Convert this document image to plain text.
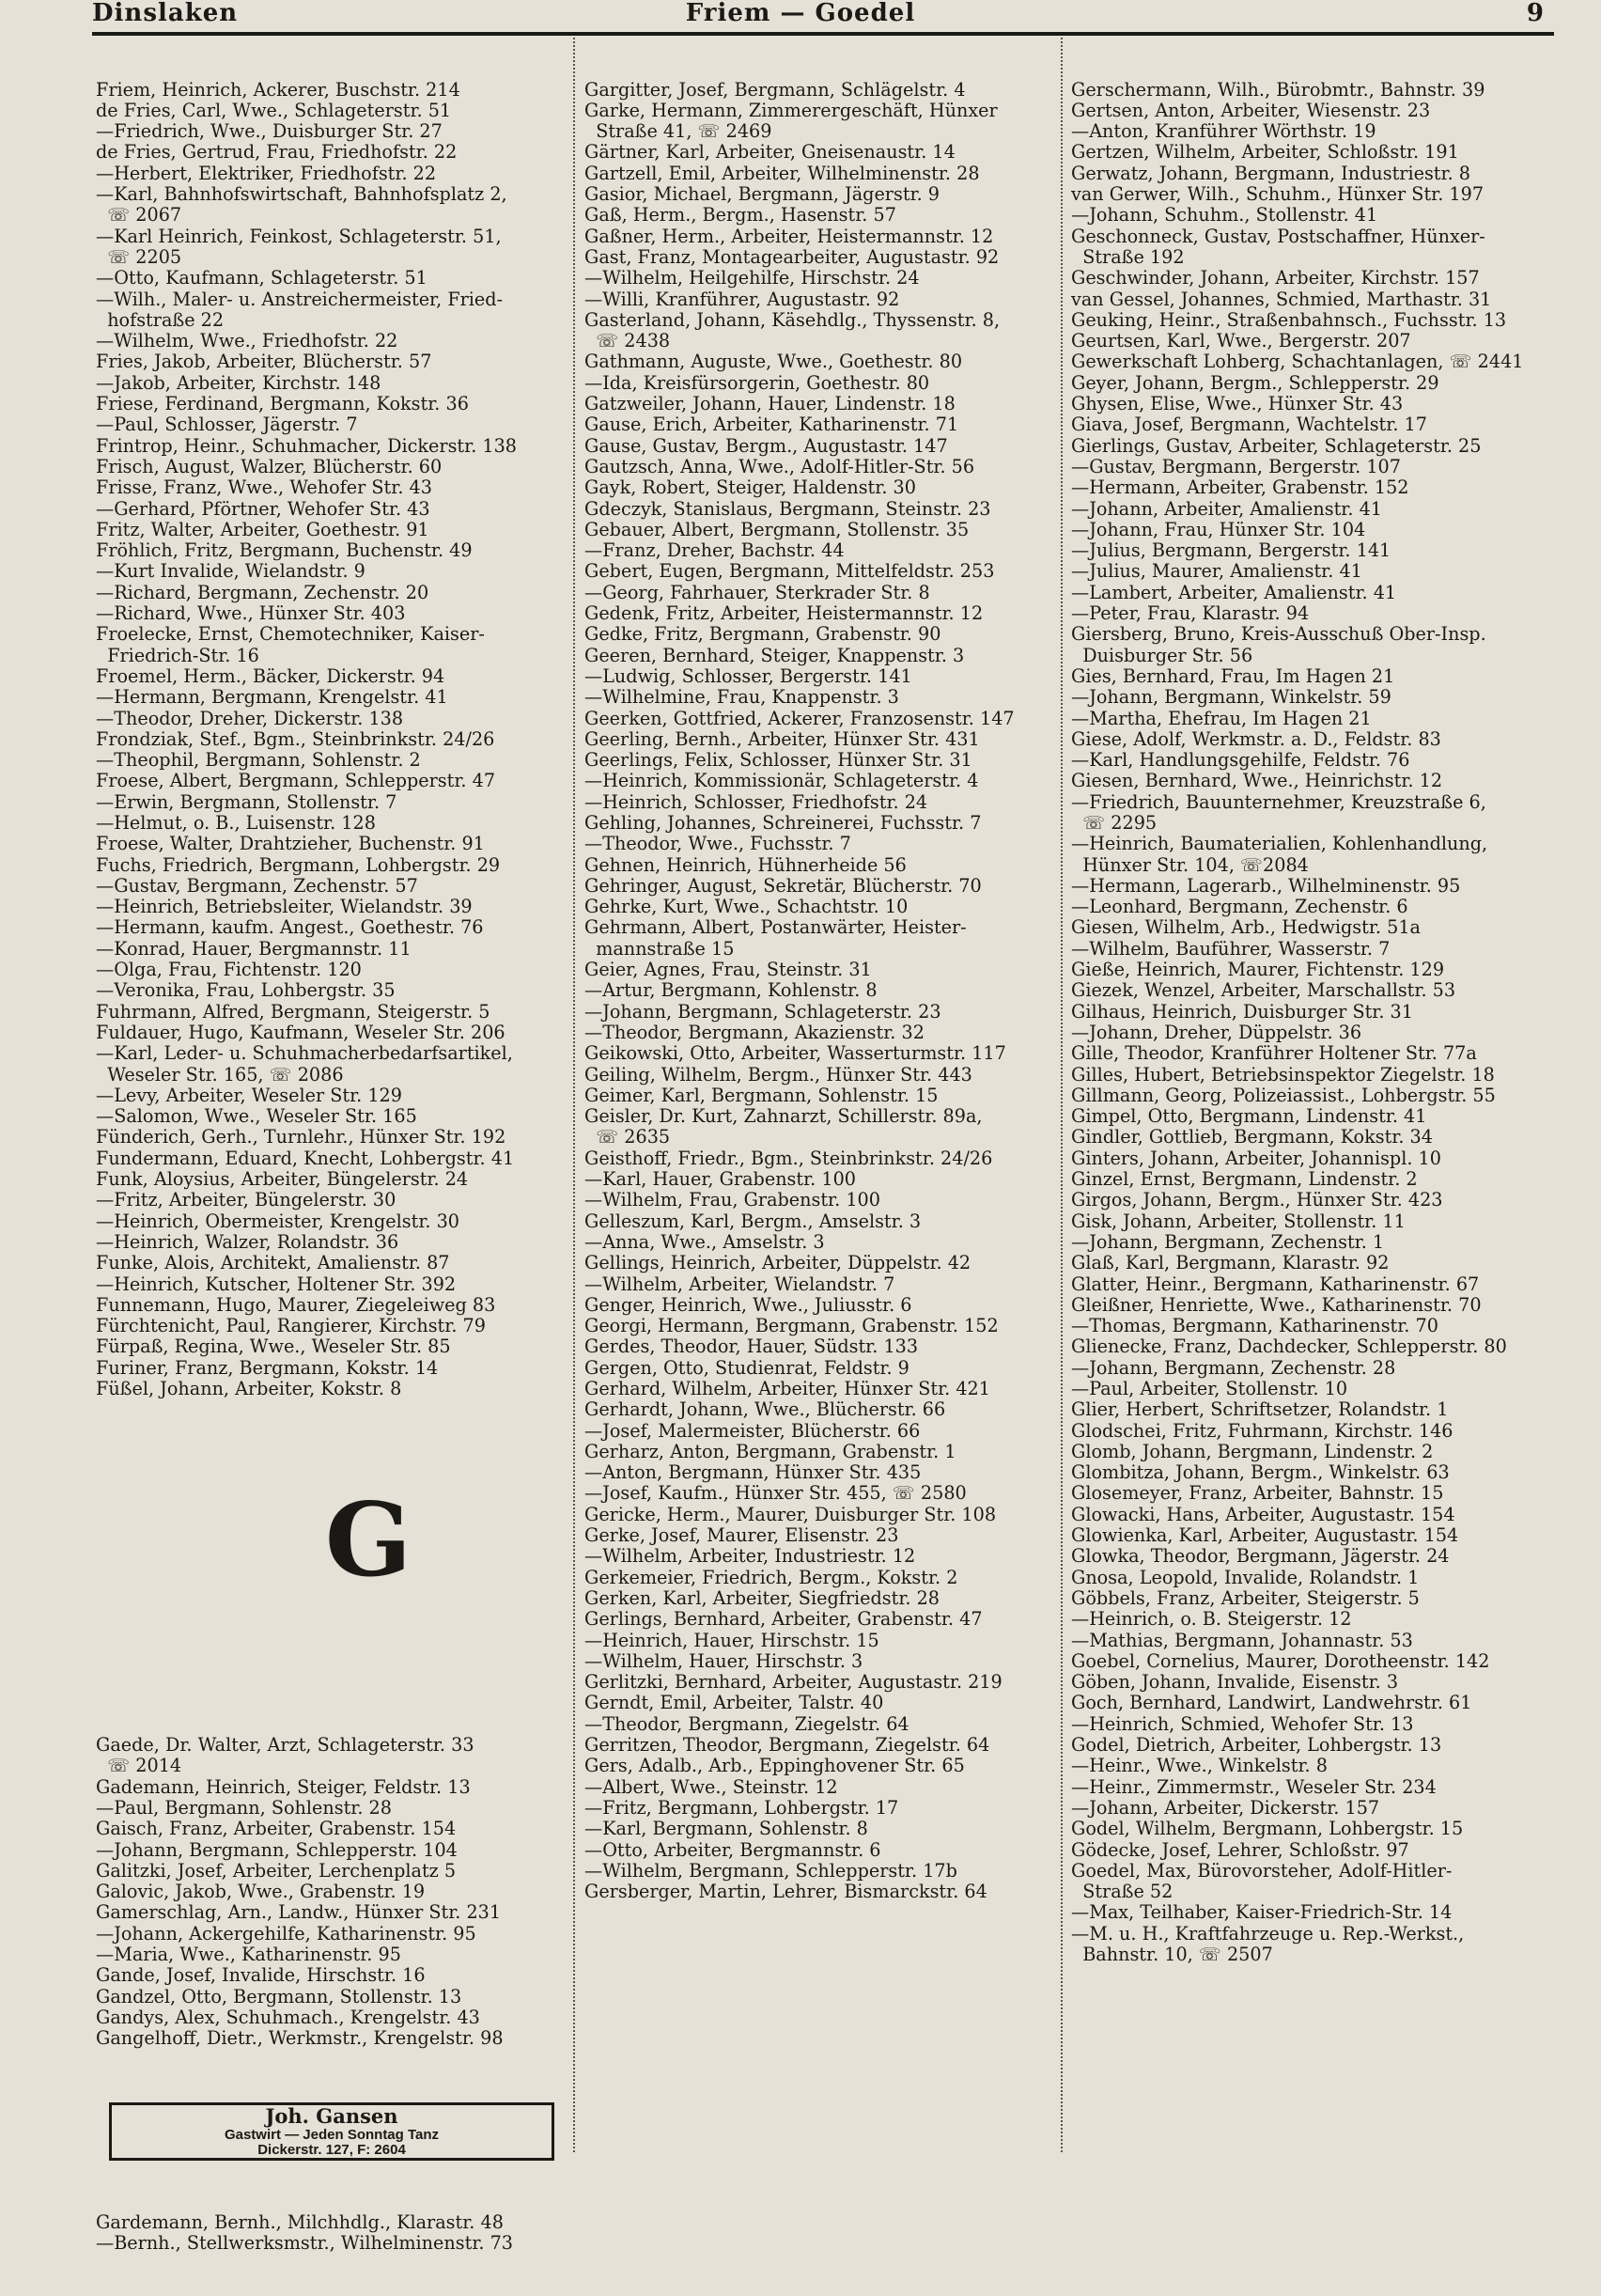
Dinslaken	Friem — Goedel	9

Friem, Heinrich, Ackerer, Buschstr. 214
de Fries, Carl, Wwe., Schlageterstr. 51
—Friedrich, Wwe., Duisburger Str. 27
de Fries, Gertrud, Frau, Friedhofstr. 22
—Herbert, Elektriker, Friedhofstr. 22
—Karl, Bahnhofswirtschaft, Bahnhofsplatz 2,
☏ 2067
—Karl Heinrich, Feinkost, Schlageterstr. 51,
☏ 2205
—Otto, Kaufmann, Schlageterstr. 51
—Wilh., Maler- u. Anstreichermeister, Fried-
hofstraße 22
—Wilhelm, Wwe., Friedhofstr. 22
Fries, Jakob, Arbeiter, Blücherstr. 57
—Jakob, Arbeiter, Kirchstr. 148
Friese, Ferdinand, Bergmann, Kokstr. 36
—Paul, Schlosser, Jägerstr. 7
Frintrop, Heinr., Schuhmacher, Dickerstr. 138
Frisch, August, Walzer, Blücherstr. 60
Frisse, Franz, Wwe., Wehofer Str. 43
—Gerhard, Pförtner, Wehofer Str. 43
Fritz, Walter, Arbeiter, Goethestr. 91
Fröhlich, Fritz, Bergmann, Buchenstr. 49
—Kurt Invalide, Wielandstr. 9
—Richard, Bergmann, Zechenstr. 20
—Richard, Wwe., Hünxer Str. 403
Froelecke, Ernst, Chemotechniker, Kaiser-
Friedrich-Str. 16
Froemel, Herm., Bäcker, Dickerstr. 94
—Hermann, Bergmann, Krengelstr. 41
—Theodor, Dreher, Dickerstr. 138
Frondziak, Stef., Bgm., Steinbrinkstr. 24/26
—Theophil, Bergmann, Sohlenstr. 2
Froese, Albert, Bergmann, Schlepperstr. 47
—Erwin, Bergmann, Stollenstr. 7
—Helmut, o. B., Luisenstr. 128
Froese, Walter, Drahtzieher, Buchenstr. 91
Fuchs, Friedrich, Bergmann, Lohbergstr. 29
—Gustav, Bergmann, Zechenstr. 57
—Heinrich, Betriebsleiter, Wielandstr. 39
—Hermann, kaufm. Angest., Goethestr. 76
—Konrad, Hauer, Bergmannstr. 11
—Olga, Frau, Fichtenstr. 120
—Veronika, Frau, Lohbergstr. 35
Fuhrmann, Alfred, Bergmann, Steigerstr. 5
Fuldauer, Hugo, Kaufmann, Weseler Str. 206
—Karl, Leder- u. Schuhmacherbedarfsartikel,
Weseler Str. 165, ☏ 2086
—Levy, Arbeiter, Weseler Str. 129
—Salomon, Wwe., Weseler Str. 165
Fünderich, Gerh., Turnlehr., Hünxer Str. 192
Fundermann, Eduard, Knecht, Lohbergstr. 41
Funk, Aloysius, Arbeiter, Büngelerstr. 24
—Fritz, Arbeiter, Büngelerstr. 30
—Heinrich, Obermeister, Krengelstr. 30
—Heinrich, Walzer, Rolandstr. 36
Funke, Alois, Architekt, Amalienstr. 87
—Heinrich, Kutscher, Holtener Str. 392
Funnemann, Hugo, Maurer, Ziegeleiweg 83
Fürchtenicht, Paul, Rangierer, Kirchstr. 79
Fürpaß, Regina, Wwe., Weseler Str. 85
Furiner, Franz, Bergmann, Kokstr. 14
Füßel, Johann, Arbeiter, Kokstr. 8

G

Gaede, Dr. Walter, Arzt, Schlageterstr. 33
☏ 2014
Gademann, Heinrich, Steiger, Feldstr. 13
—Paul, Bergmann, Sohlenstr. 28
Gaisch, Franz, Arbeiter, Grabenstr. 154
—Johann, Bergmann, Schlepperstr. 104
Galitzki, Josef, Arbeiter, Lerchenplatz 5
Galovic, Jakob, Wwe., Grabenstr. 19
Gamerschlag, Arn., Landw., Hünxer Str. 231
—Johann, Ackergehilfe, Katharinenstr. 95
—Maria, Wwe., Katharinenstr. 95
Gande, Josef, Invalide, Hirschstr. 16
Gandzel, Otto, Bergmann, Stollenstr. 13
Gandys, Alex, Schuhmach., Krengelstr. 43
Gangelhoff, Dietr., Werkmstr., Krengelstr. 98

Joh. Gansen
Gastwirt — Jeden Sonntag Tanz
Dickerstr. 127, F: 2604

Gardemann, Bernh., Milchhdlg., Klarastr. 48
—Bernh., Stellwerksmstr., Wilhelminenstr. 73

Gargitter, Josef, Bergmann, Schlägelstr. 4
Garke, Hermann, Zimmerergeschäft, Hünxer
Straße 41, ☏ 2469
Gärtner, Karl, Arbeiter, Gneisenaustr. 14
Gartzell, Emil, Arbeiter, Wilhelminenstr. 28
Gasior, Michael, Bergmann, Jägerstr. 9
Gaß, Herm., Bergm., Hasenstr. 57
Gaßner, Herm., Arbeiter, Heistermannstr. 12
Gast, Franz, Montagearbeiter, Augustastr. 92
—Wilhelm, Heilgehilfe, Hirschstr. 24
—Willi, Kranführer, Augustastr. 92
Gasterland, Johann, Käsehdlg., Thyssenstr. 8,
☏ 2438
Gathmann, Auguste, Wwe., Goethestr. 80
—Ida, Kreisfürsorgerin, Goethestr. 80
Gatzweiler, Johann, Hauer, Lindenstr. 18
Gause, Erich, Arbeiter, Katharinenstr. 71
Gause, Gustav, Bergm., Augustastr. 147
Gautzsch, Anna, Wwe., Adolf-Hitler-Str. 56
Gayk, Robert, Steiger, Haldenstr. 30
Gdeczyk, Stanislaus, Bergmann, Steinstr. 23
Gebauer, Albert, Bergmann, Stollenstr. 35
—Franz, Dreher, Bachstr. 44
Gebert, Eugen, Bergmann, Mittelfeldstr. 253
—Georg, Fahrhauer, Sterkrader Str. 8
Gedenk, Fritz, Arbeiter, Heistermannstr. 12
Gedke, Fritz, Bergmann, Grabenstr. 90
Geeren, Bernhard, Steiger, Knappenstr. 3
—Ludwig, Schlosser, Bergerstr. 141
—Wilhelmine, Frau, Knappenstr. 3
Geerken, Gottfried, Ackerer, Franzosenstr. 147
Geerling, Bernh., Arbeiter, Hünxer Str. 431
Geerlings, Felix, Schlosser, Hünxer Str. 31
—Heinrich, Kommissionär, Schlageterstr. 4
—Heinrich, Schlosser, Friedhofstr. 24
Gehling, Johannes, Schreinerei, Fuchsstr. 7
—Theodor, Wwe., Fuchsstr. 7
Gehnen, Heinrich, Hühnerheide 56
Gehringer, August, Sekretär, Blücherstr. 70
Gehrke, Kurt, Wwe., Schachtstr. 10
Gehrmann, Albert, Postanwärter, Heister-
mannstraße 15
Geier, Agnes, Frau, Steinstr. 31
—Artur, Bergmann, Kohlenstr. 8
—Johann, Bergmann, Schlageterstr. 23
—Theodor, Bergmann, Akazienstr. 32
Geikowski, Otto, Arbeiter, Wasserturmstr. 117
Geiling, Wilhelm, Bergm., Hünxer Str. 443
Geimer, Karl, Bergmann, Sohlenstr. 15
Geisler, Dr. Kurt, Zahnarzt, Schillerstr. 89a,
☏ 2635
Geisthoff, Friedr., Bgm., Steinbrinkstr. 24/26
—Karl, Hauer, Grabenstr. 100
—Wilhelm, Frau, Grabenstr. 100
Gelleszum, Karl, Bergm., Amselstr. 3
—Anna, Wwe., Amselstr. 3
Gellings, Heinrich, Arbeiter, Düppelstr. 42
—Wilhelm, Arbeiter, Wielandstr. 7
Genger, Heinrich, Wwe., Juliusstr. 6
Georgi, Hermann, Bergmann, Grabenstr. 152
Gerdes, Theodor, Hauer, Südstr. 133
Gergen, Otto, Studienrat, Feldstr. 9
Gerhard, Wilhelm, Arbeiter, Hünxer Str. 421
Gerhardt, Johann, Wwe., Blücherstr. 66
—Josef, Malermeister, Blücherstr. 66
Gerharz, Anton, Bergmann, Grabenstr. 1
—Anton, Bergmann, Hünxer Str. 435
—Josef, Kaufm., Hünxer Str. 455, ☏ 2580
Gericke, Herm., Maurer, Duisburger Str. 108
Gerke, Josef, Maurer, Elisenstr. 23
—Wilhelm, Arbeiter, Industriestr. 12
Gerkemeier, Friedrich, Bergm., Kokstr. 2
Gerken, Karl, Arbeiter, Siegfriedstr. 28
Gerlings, Bernhard, Arbeiter, Grabenstr. 47
—Heinrich, Hauer, Hirschstr. 15
—Wilhelm, Hauer, Hirschstr. 3
Gerlitzki, Bernhard, Arbeiter, Augustastr. 219
Gerndt, Emil, Arbeiter, Talstr. 40
—Theodor, Bergmann, Ziegelstr. 64
Gerritzen, Theodor, Bergmann, Ziegelstr. 64
Gers, Adalb., Arb., Eppinghovener Str. 65
—Albert, Wwe., Steinstr. 12
—Fritz, Bergmann, Lohbergstr. 17
—Karl, Bergmann, Sohlenstr. 8
—Otto, Arbeiter, Bergmannstr. 6
—Wilhelm, Bergmann, Schlepperstr. 17b
Gersberger, Martin, Lehrer, Bismarckstr. 64

Gerschermann, Wilh., Bürobmtr., Bahnstr. 39
Gertsen, Anton, Arbeiter, Wiesenstr. 23
—Anton, Kranführer Wörthstr. 19
Gertzen, Wilhelm, Arbeiter, Schloßstr. 191
Gerwatz, Johann, Bergmann, Industriestr. 8
van Gerwer, Wilh., Schuhm., Hünxer Str. 197
—Johann, Schuhm., Stollenstr. 41
Geschonneck, Gustav, Postschaffner, Hünxer-
Straße 192
Geschwinder, Johann, Arbeiter, Kirchstr. 157
van Gessel, Johannes, Schmied, Marthastr. 31
Geuking, Heinr., Straßenbahnsch., Fuchsstr. 13
Geurtsen, Karl, Wwe., Bergerstr. 207
Gewerkschaft Lohberg, Schachtanlagen, ☏ 2441
Geyer, Johann, Bergm., Schlepperstr. 29
Ghysen, Elise, Wwe., Hünxer Str. 43
Giava, Josef, Bergmann, Wachtelstr. 17
Gierlings, Gustav, Arbeiter, Schlageterstr. 25
—Gustav, Bergmann, Bergerstr. 107
—Hermann, Arbeiter, Grabenstr. 152
—Johann, Arbeiter, Amalienstr. 41
—Johann, Frau, Hünxer Str. 104
—Julius, Bergmann, Bergerstr. 141
—Julius, Maurer, Amalienstr. 41
—Lambert, Arbeiter, Amalienstr. 41
—Peter, Frau, Klarastr. 94
Giersberg, Bruno, Kreis-Ausschuß Ober-Insp.
Duisburger Str. 56
Gies, Bernhard, Frau, Im Hagen 21
—Johann, Bergmann, Winkelstr. 59
—Martha, Ehefrau, Im Hagen 21
Giese, Adolf, Werkmstr. a. D., Feldstr. 83
—Karl, Handlungsgehilfe, Feldstr. 76
Giesen, Bernhard, Wwe., Heinrichstr. 12
—Friedrich, Bauunternehmer, Kreuzstraße 6,
☏ 2295
—Heinrich, Baumaterialien, Kohlenhandlung,
Hünxer Str. 104, ☏2084
—Hermann, Lagerarb., Wilhelminenstr. 95
—Leonhard, Bergmann, Zechenstr. 6
Giesen, Wilhelm, Arb., Hedwigstr. 51a
—Wilhelm, Bauführer, Wasserstr. 7
Gieße, Heinrich, Maurer, Fichtenstr. 129
Giezek, Wenzel, Arbeiter, Marschallstr. 53
Gilhaus, Heinrich, Duisburger Str. 31
—Johann, Dreher, Düppelstr. 36
Gille, Theodor, Kranführer Holtener Str. 77a
Gilles, Hubert, Betriebsinspektor Ziegelstr. 18
Gillmann, Georg, Polizeiassist., Lohbergstr. 55
Gimpel, Otto, Bergmann, Lindenstr. 41
Gindler, Gottlieb, Bergmann, Kokstr. 34
Ginters, Johann, Arbeiter, Johannispl. 10
Ginzel, Ernst, Bergmann, Lindenstr. 2
Girgos, Johann, Bergm., Hünxer Str. 423
Gisk, Johann, Arbeiter, Stollenstr. 11
—Johann, Bergmann, Zechenstr. 1
Glaß, Karl, Bergmann, Klarastr. 92
Glatter, Heinr., Bergmann, Katharinenstr. 67
Gleißner, Henriette, Wwe., Katharinenstr. 70
—Thomas, Bergmann, Katharinenstr. 70
Glienecke, Franz, Dachdecker, Schlepperstr. 80
—Johann, Bergmann, Zechenstr. 28
—Paul, Arbeiter, Stollenstr. 10
Glier, Herbert, Schriftsetzer, Rolandstr. 1
Glodschei, Fritz, Fuhrmann, Kirchstr. 146
Glomb, Johann, Bergmann, Lindenstr. 2
Glombitza, Johann, Bergm., Winkelstr. 63
Glosemeyer, Franz, Arbeiter, Bahnstr. 15
Glowacki, Hans, Arbeiter, Augustastr. 154
Glowienka, Karl, Arbeiter, Augustastr. 154
Glowka, Theodor, Bergmann, Jägerstr. 24
Gnosa, Leopold, Invalide, Rolandstr. 1
Göbbels, Franz, Arbeiter, Steigerstr. 5
—Heinrich, o. B. Steigerstr. 12
—Mathias, Bergmann, Johannastr. 53
Goebel, Cornelius, Maurer, Dorotheenstr. 142
Göben, Johann, Invalide, Eisenstr. 3
Goch, Bernhard, Landwirt, Landwehrstr. 61
—Heinrich, Schmied, Wehofer Str. 13
Godel, Dietrich, Arbeiter, Lohbergstr. 13
—Heinr., Wwe., Winkelstr. 8
—Heinr., Zimmermstr., Weseler Str. 234
—Johann, Arbeiter, Dickerstr. 157
Godel, Wilhelm, Bergmann, Lohbergstr. 15
Gödecke, Josef, Lehrer, Schloßstr. 97
Goedel, Max, Bürovorsteher, Adolf-Hitler-
Straße 52
—Max, Teilhaber, Kaiser-Friedrich-Str. 14
—M. u. H., Kraftfahrzeuge u. Rep.-Werkst.,
Bahnstr. 10, ☏ 2507
